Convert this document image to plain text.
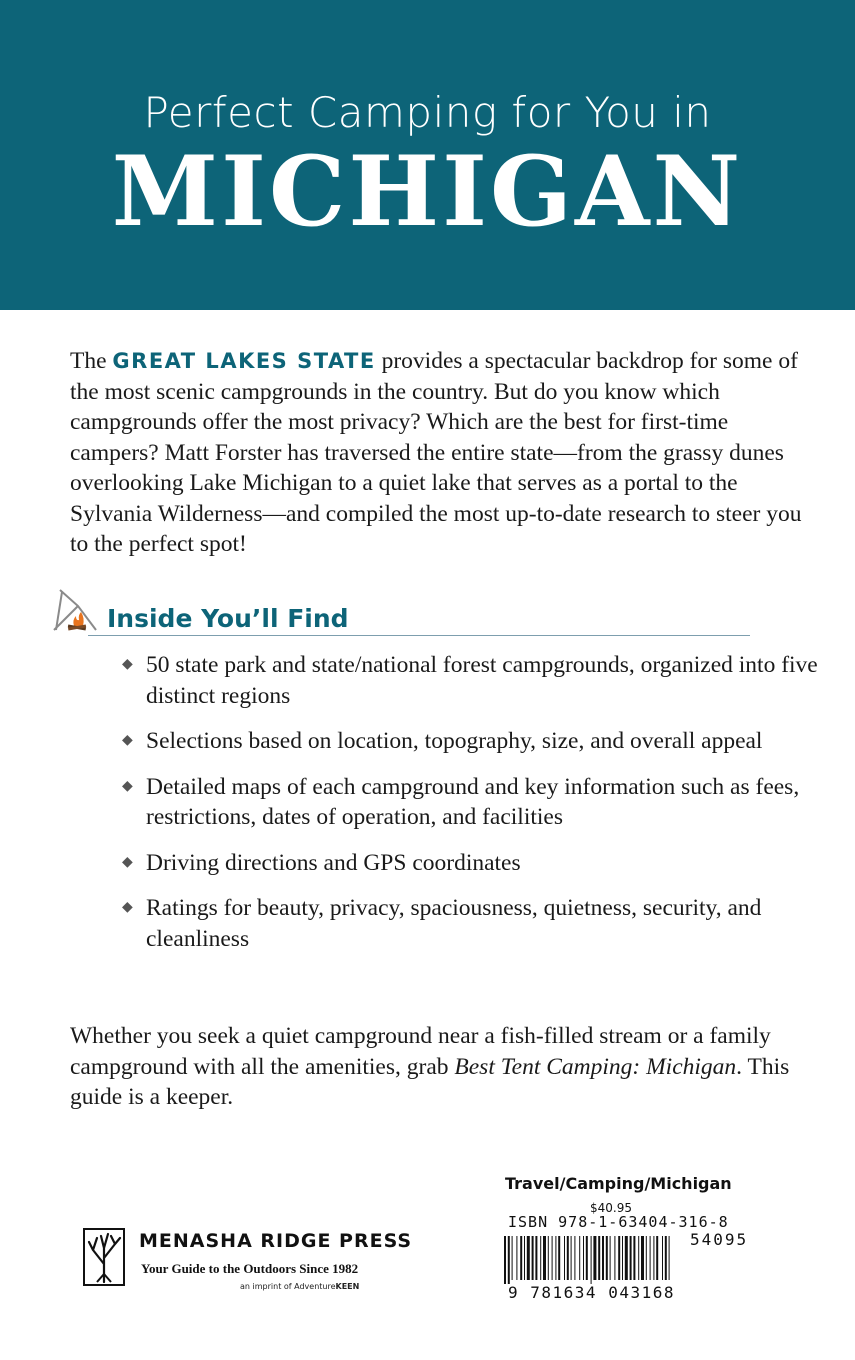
Perfect Camping for You in
MICHIGAN

The GREAT LAKES STATE provides a spectacular backdrop for some of the most scenic campgrounds in the country. But do you know which campgrounds offer the most privacy? Which are the best for first-time campers? Matt Forster has traversed the entire state—from the grassy dunes overlooking Lake Michigan to a quiet lake that serves as a portal to the Sylvania Wilderness—and compiled the most up-to-date research to steer you to the perfect spot!

Inside You’ll Find
◆ 50 state park and state/national forest campgrounds, organized into five distinct regions
◆ Selections based on location, topography, size, and overall appeal
◆ Detailed maps of each campground and key information such as fees, restrictions, dates of operation, and facilities
◆ Driving directions and GPS coordinates
◆ Ratings for beauty, privacy, spaciousness, quietness, security, and cleanliness

Whether you seek a quiet campground near a fish-filled stream or a family campground with all the amenities, grab Best Tent Camping: Michigan. This guide is a keeper.

MENASHA RIDGE PRESS
Your Guide to the Outdoors Since 1982
an imprint of AdventureKEEN
Travel/Camping/Michigan
$40.95
ISBN 978-1-63404-316-8
54095
9 781634 043168
